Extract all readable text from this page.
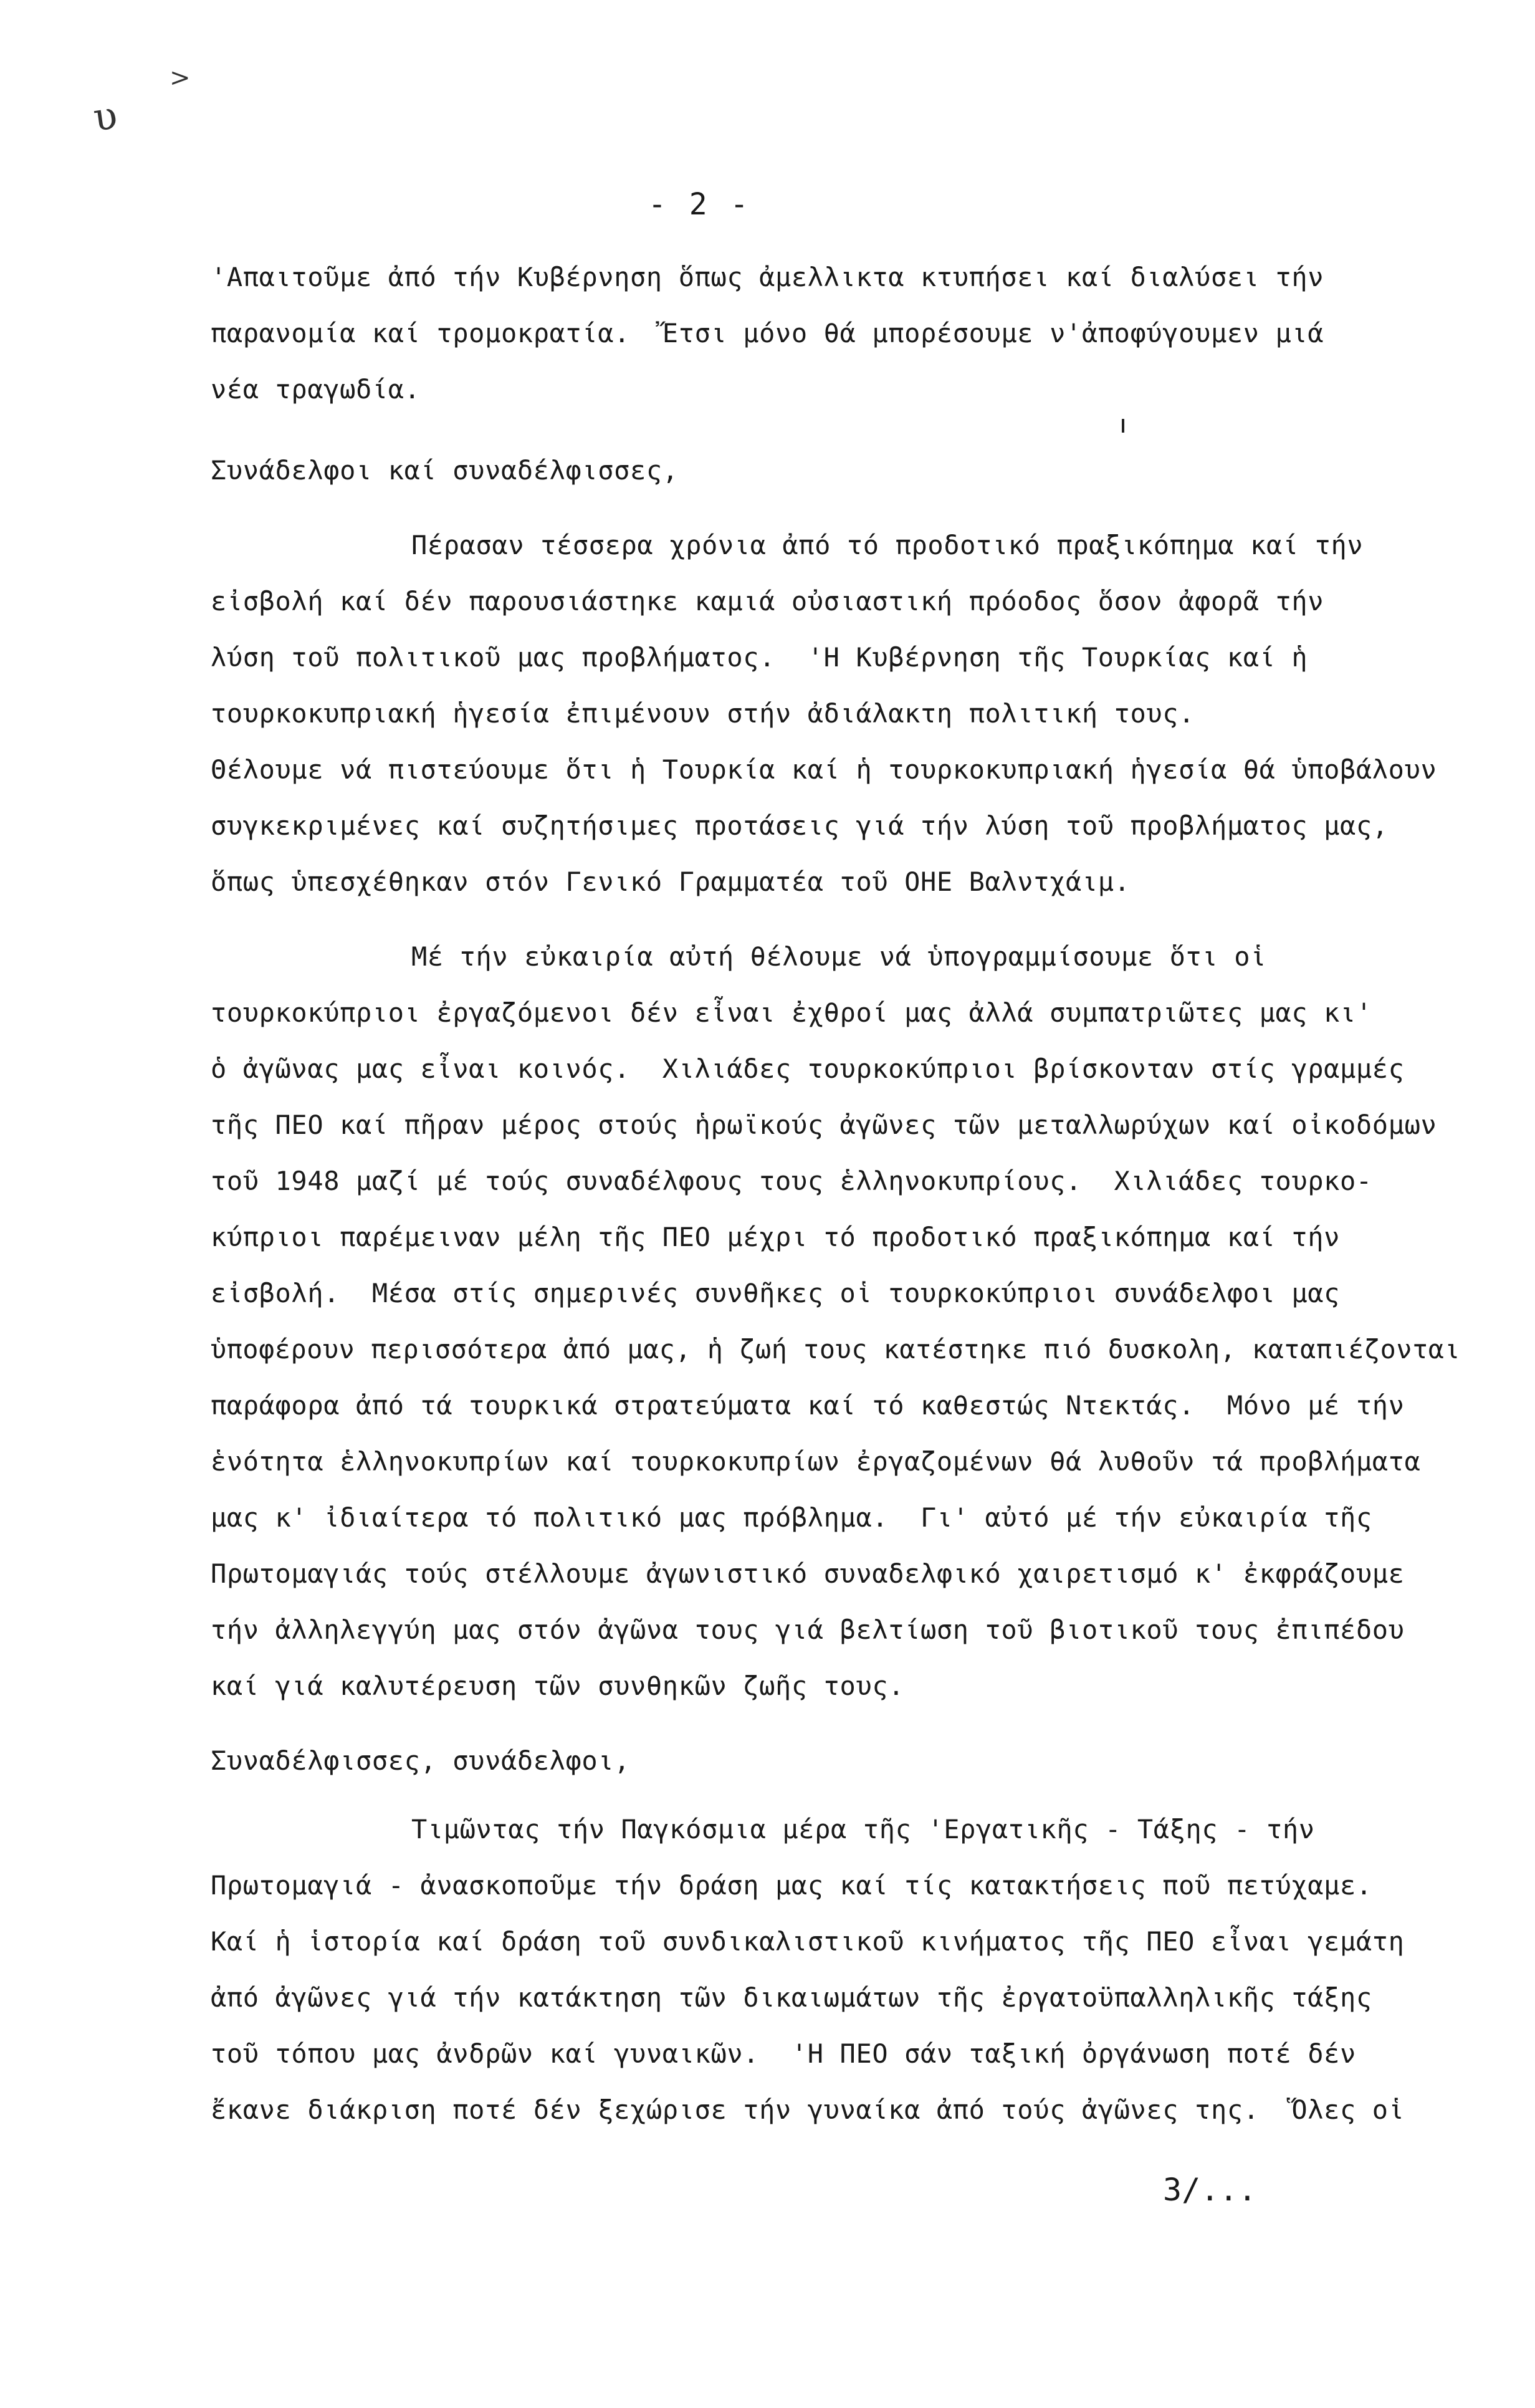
υ
>
- 2 -
'Απαιτοῦμε ἀπό τήν Κυβέρνηση ὅπως ἀμελλικτα κτυπήσει καί διαλύσει τήν
παρανομία καί τρομοκρατία.  Ἔτσι μόνο θά μπορέσουμε ν'ἀποφύγουμεν μιά
νέα τραγωδία.
Συνάδελφοι καί συναδέλφισσες,
Πέρασαν τέσσερα χρόνια ἀπό τό προδοτικό πραξικόπημα καί τήν
εἰσβολή καί δέν παρουσιάστηκε καμιά οὐσιαστική πρόοδος ὅσον ἀφορᾶ τήν
λύση τοῦ πολιτικοῦ μας προβλήματος.  'Η Κυβέρνηση τῆς Τουρκίας καί ἡ
τουρκοκυπριακή ἡγεσία ἐπιμένουν στήν ἀδιάλακτη πολιτική τους.
Θέλουμε νά πιστεύουμε ὅτι ἡ Τουρκία καί ἡ τουρκοκυπριακή ἡγεσία θά ὑποβάλουν
συγκεκριμένες καί συζητήσιμες προτάσεις γιά τήν λύση τοῦ προβλήματος μας,
ὅπως ὑπεσχέθηκαν στόν Γενικό Γραμματέα τοῦ ΟΗΕ Βαλντχάιμ.
Μέ τήν εὐκαιρία αὐτή θέλουμε νά ὑπογραμμίσουμε ὅτι οἱ
τουρκοκύπριοι ἐργαζόμενοι δέν εἶναι ἐχθροί μας ἀλλά συμπατριῶτες μας κι'
ὁ ἀγῶνας μας εἶναι κοινός.  Χιλιάδες τουρκοκύπριοι βρίσκονταν στίς γραμμές
τῆς ΠΕΟ καί πῆραν μέρος στούς ἡρωϊκούς ἀγῶνες τῶν μεταλλωρύχων καί οἰκοδόμων
τοῦ 1948 μαζί μέ τούς συναδέλφους τους ἑλληνοκυπρίους.  Χιλιάδες τουρκο-
κύπριοι παρέμειναν μέλη τῆς ΠΕΟ μέχρι τό προδοτικό πραξικόπημα καί τήν
εἰσβολή.  Μέσα στίς σημερινές συνθῆκες οἱ τουρκοκύπριοι συνάδελφοι μας
ὑποφέρουν περισσότερα ἀπό μας, ἡ ζωή τους κατέστηκε πιό δυσκολη, καταπιέζονται
παράφορα ἀπό τά τουρκικά στρατεύματα καί τό καθεστώς Ντεκτάς.  Μόνο μέ τήν
ἑνότητα ἑλληνοκυπρίων καί τουρκοκυπρίων ἐργαζομένων θά λυθοῦν τά προβλήματα
μας κ' ἰδιαίτερα τό πολιτικό μας πρόβλημα.  Γι' αὐτό μέ τήν εὐκαιρία τῆς
Πρωτομαγιάς τούς στέλλουμε ἀγωνιστικό συναδελφικό χαιρετισμό κ' ἐκφράζουμε
τήν ἀλληλεγγύη μας στόν ἀγῶνα τους γιά βελτίωση τοῦ βιοτικοῦ τους ἐπιπέδου
καί γιά καλυτέρευση τῶν συνθηκῶν ζωῆς τους.
Συναδέλφισσες, συνάδελφοι,
Τιμῶντας τήν Παγκόσμια μέρα τῆς 'Εργατικῆς - Τάξης - τήν
Πρωτομαγιά - ἀνασκοποῦμε τήν δράση μας καί τίς κατακτήσεις ποῦ πετύχαμε.
Καί ἡ ἱστορία καί δράση τοῦ συνδικαλιστικοῦ κινήματος τῆς ΠΕΟ εἶναι γεμάτη
ἀπό ἀγῶνες γιά τήν κατάκτηση τῶν δικαιωμάτων τῆς ἐργατοϋπαλληλικῆς τάξης
τοῦ τόπου μας ἀνδρῶν καί γυναικῶν.  'Η ΠΕΟ σάν ταξική ὀργάνωση ποτέ δέν
ἔκανε διάκριση ποτέ δέν ξεχώρισε τήν γυναίκα ἀπό τούς ἀγῶνες της.  Ὅλες οἱ
3/...
